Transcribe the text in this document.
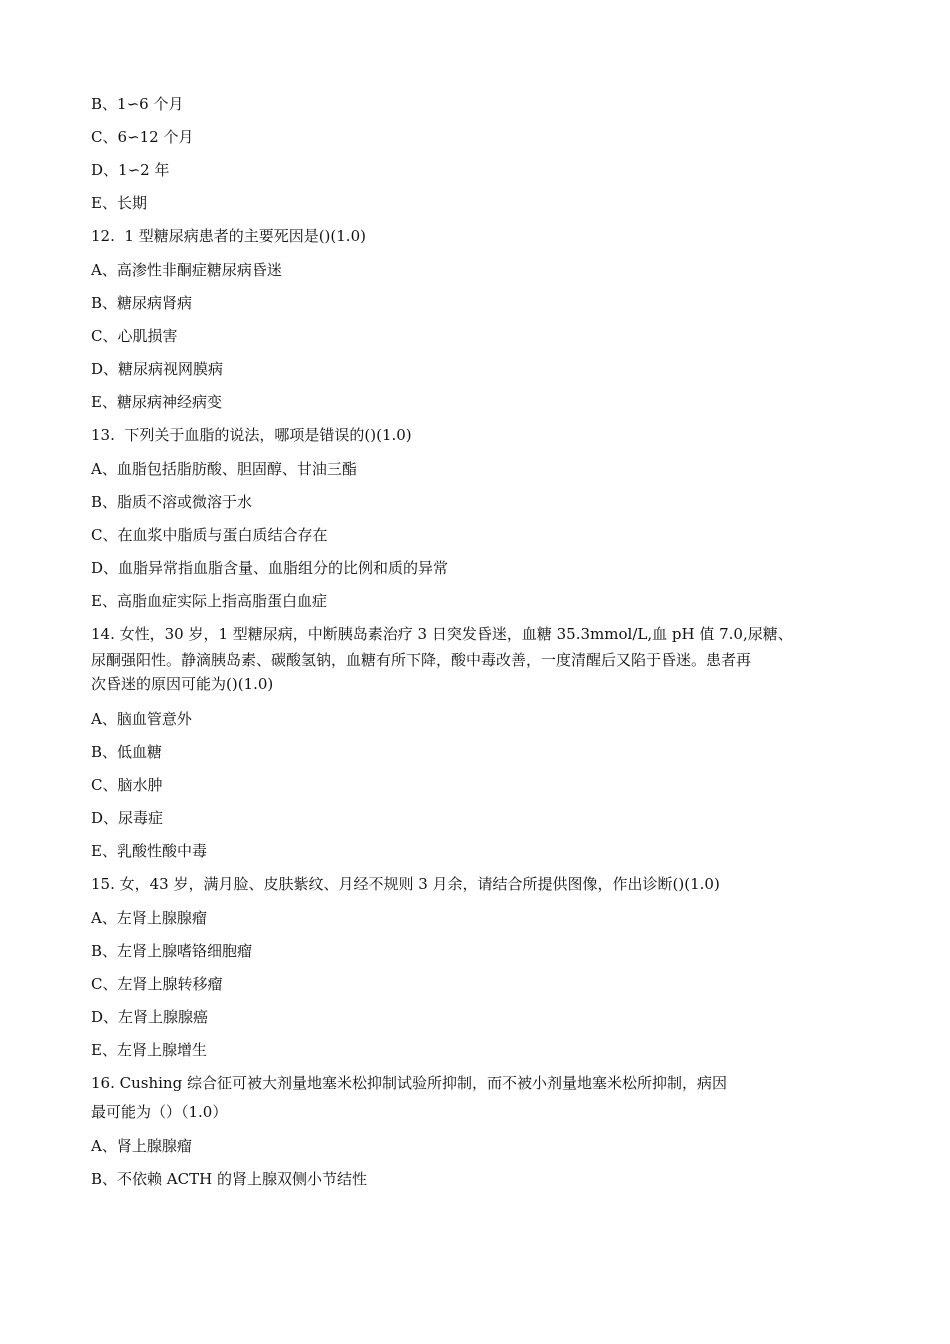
B、1∽6 个月
C、6∽12 个月
D、1∽2 年
E、长期
12.  1 型糖尿病患者的主要死因是()(1.0)
A、高渗性非酮症糖尿病昏迷
B、糖尿病肾病
C、心肌损害
D、糖尿病视网膜病
E、糖尿病神经病变
13.  下列关于血脂的说法，哪项是错误的()(1.0)
A、血脂包括脂肪酸、胆固醇、甘油三酯
B、脂质不溶或微溶于水
C、在血浆中脂质与蛋白质结合存在
D、血脂异常指血脂含量、血脂组分的比例和质的异常
E、高脂血症实际上指高脂蛋白血症
14. 女性，30 岁，1 型糖尿病，中断胰岛素治疗 3 日突发昏迷，血糖 35.3mmol/L,血 pH 值 7.0,尿糖、
尿酮强阳性。静滴胰岛素、碳酸氢钠，血糖有所下降，酸中毒改善，一度清醒后又陷于昏迷。患者再
次昏迷的原因可能为()(1.0)
A、脑血管意外
B、低血糖
C、脑水肿
D、尿毒症
E、乳酸性酸中毒
15. 女，43 岁，满月脸、皮肤紫纹、月经不规则 3 月余，请结合所提供图像，作出诊断()(1.0)
A、左肾上腺腺瘤
B、左肾上腺嗜铬细胞瘤
C、左肾上腺转移瘤
D、左肾上腺腺癌
E、左肾上腺增生
16. Cushing 综合征可被大剂量地塞米松抑制试验所抑制，而不被小剂量地塞米松所抑制，病因
最可能为（）（1.0）
A、肾上腺腺瘤
B、不依赖 ACTH 的肾上腺双侧小节结性
